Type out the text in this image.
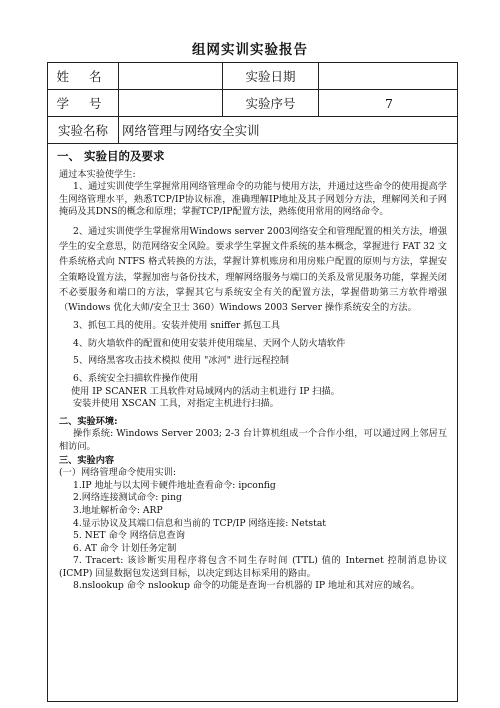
组网实训实验报告
姓 名	实验日期
学 号	实验序号	7
实验名称	网络管理与网络安全实训
一、 实验目的及要求
通过本实验使学生:
1、通过实训使学生掌握常用网络管理命令的功能与使用方法，并通过这些命令的使用提高学生网络管理水平，熟悉TCP/IP协议标准，准确理解IP地址及其子网划分方法，理解网关和子网掩码及其DNS的概念和原理；掌握TCP/IP配置方法，熟练使用常用的网络命令。
2、通过实训使学生掌握常用Windows server 2003网络安全和管理配置的相关方法，增强学生的安全意思，防范网络安全风险。要求学生掌握文件系统的基本概念，掌握进行 FAT 32 文件系统格式向 NTFS 格式转换的方法，掌握计算机账房和用房账户配置的原则与方法，掌握安全策略设置方法，掌握加密与备份技术，理解网络服务与端口的关系及常见服务功能，掌握关闭不必要服务和端口的方法，掌握其它与系统安全有关的配置方法，掌握借助第三方软件增强（Windows 优化大师/安全卫士 360）Windows 2003 Server 操作系统安全的方法。
3、抓包工具的使用。安装并使用 sniffer 抓包工具
4、防火墙软件的配置和使用安装并使用瑞星、天网个人防火墙软件
5、网络黑客攻击技术模拟 使用 "冰河" 进行远程控制
6、系统安全扫描软件操作使用
使用 IP SCANER 工具软件对局域网内的活动主机进行 IP 扫描。
安装并使用 XSCAN 工具，对指定主机进行扫描。
二、实验环境:
操作系统: Windows Server 2003; 2-3 台计算机组成一个合作小组，可以通过网上邻居互相访问。
三、实验内容
(一）网络管理命令使用实训:
1.IP 地址与以太网卡硬件地址查看命令: ipconfig
2.网络连接测试命令: ping
3.地址解析命令: ARP
4.显示协议及其端口信息和当前的 TCP/IP 网络连接: Netstat
5. NET 命令 网络信息查询
6. AT 命令 计划任务定制
7. Tracert: 该诊断实用程序将包含不同生存时间 (TTL) 值的 Internet 控制消息协议 (ICMP) 回显数据包发送到目标，以决定到达目标采用的路由。
8.nslookup 命令 nslookup 命令的功能是查询一台机器的 IP 地址和其对应的域名。
